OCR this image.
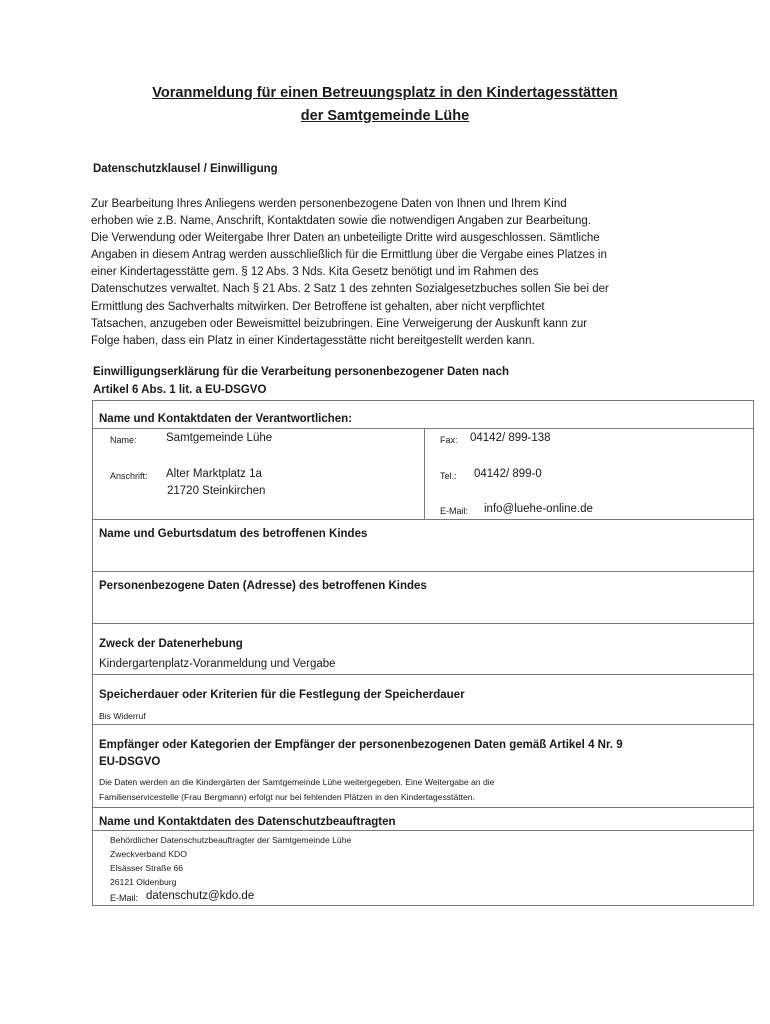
Voranmeldung für einen Betreuungsplatz in den Kindertagesstätten
der Samtgemeinde Lühe
Datenschutzklausel / Einwilligung
Zur Bearbeitung Ihres Anliegens werden personenbezogene Daten von Ihnen und Ihrem Kind
erhoben wie z.B. Name, Anschrift, Kontaktdaten sowie die notwendigen Angaben zur Bearbeitung.
Die Verwendung oder Weitergabe Ihrer Daten an unbeteiligte Dritte wird ausgeschlossen. Sämtliche
Angaben in diesem Antrag werden ausschließlich für die Ermittlung über die Vergabe eines Platzes in
einer Kindertagesstätte gem. § 12 Abs. 3 Nds. Kita Gesetz benötigt und im Rahmen des
Datenschutzes verwaltet. Nach § 21 Abs. 2 Satz 1 des zehnten Sozialgesetzbuches sollen Sie bei der
Ermittlung des Sachverhalts mitwirken. Der Betroffene ist gehalten, aber nicht verpflichtet
Tatsachen, anzugeben oder Beweismittel beizubringen. Eine Verweigerung der Auskunft kann zur
Folge haben, dass ein Platz in einer Kindertagesstätte nicht bereitgestellt werden kann.
Einwilligungserklärung für die Verarbeitung personenbezogener Daten nach
Artikel 6 Abs. 1 lit. a EU-DSGVO
Name und Kontaktdaten der Verantwortlichen:
Name:	Samtgemeinde Lühe
Anschrift: Alter Marktplatz 1a
21720 Steinkirchen
Fax: 04142/ 899-138
Tel.: 04142/ 899-0
E-Mail: info@luehe-online.de
Name und Geburtsdatum des betroffenen Kindes
Personenbezogene Daten (Adresse) des betroffenen Kindes
Zweck der Datenerhebung
Kindergartenplatz-Voranmeldung und Vergabe
Speicherdauer oder Kriterien für die Festlegung der Speicherdauer
Bis Widerruf
Empfänger oder Kategorien der Empfänger der personenbezogenen Daten gemäß Artikel 4 Nr. 9
EU-DSGVO
Die Daten werden an die Kindergärten der Samtgemeinde Lühe weitergegeben. Eine Weitergabe an die
Familienservicestelle (Frau Bergmann) erfolgt nur bei fehlenden Plätzen in den Kindertagesstätten.
Name und Kontaktdaten des Datenschutzbeauftragten
Behördlicher Datenschutzbeauftragter der Samtgemeinde Lühe
Zweckverband KDO
Elsässer Straße 66
26121 Oldenburg
E-Mail: datenschutz@kdo.de
